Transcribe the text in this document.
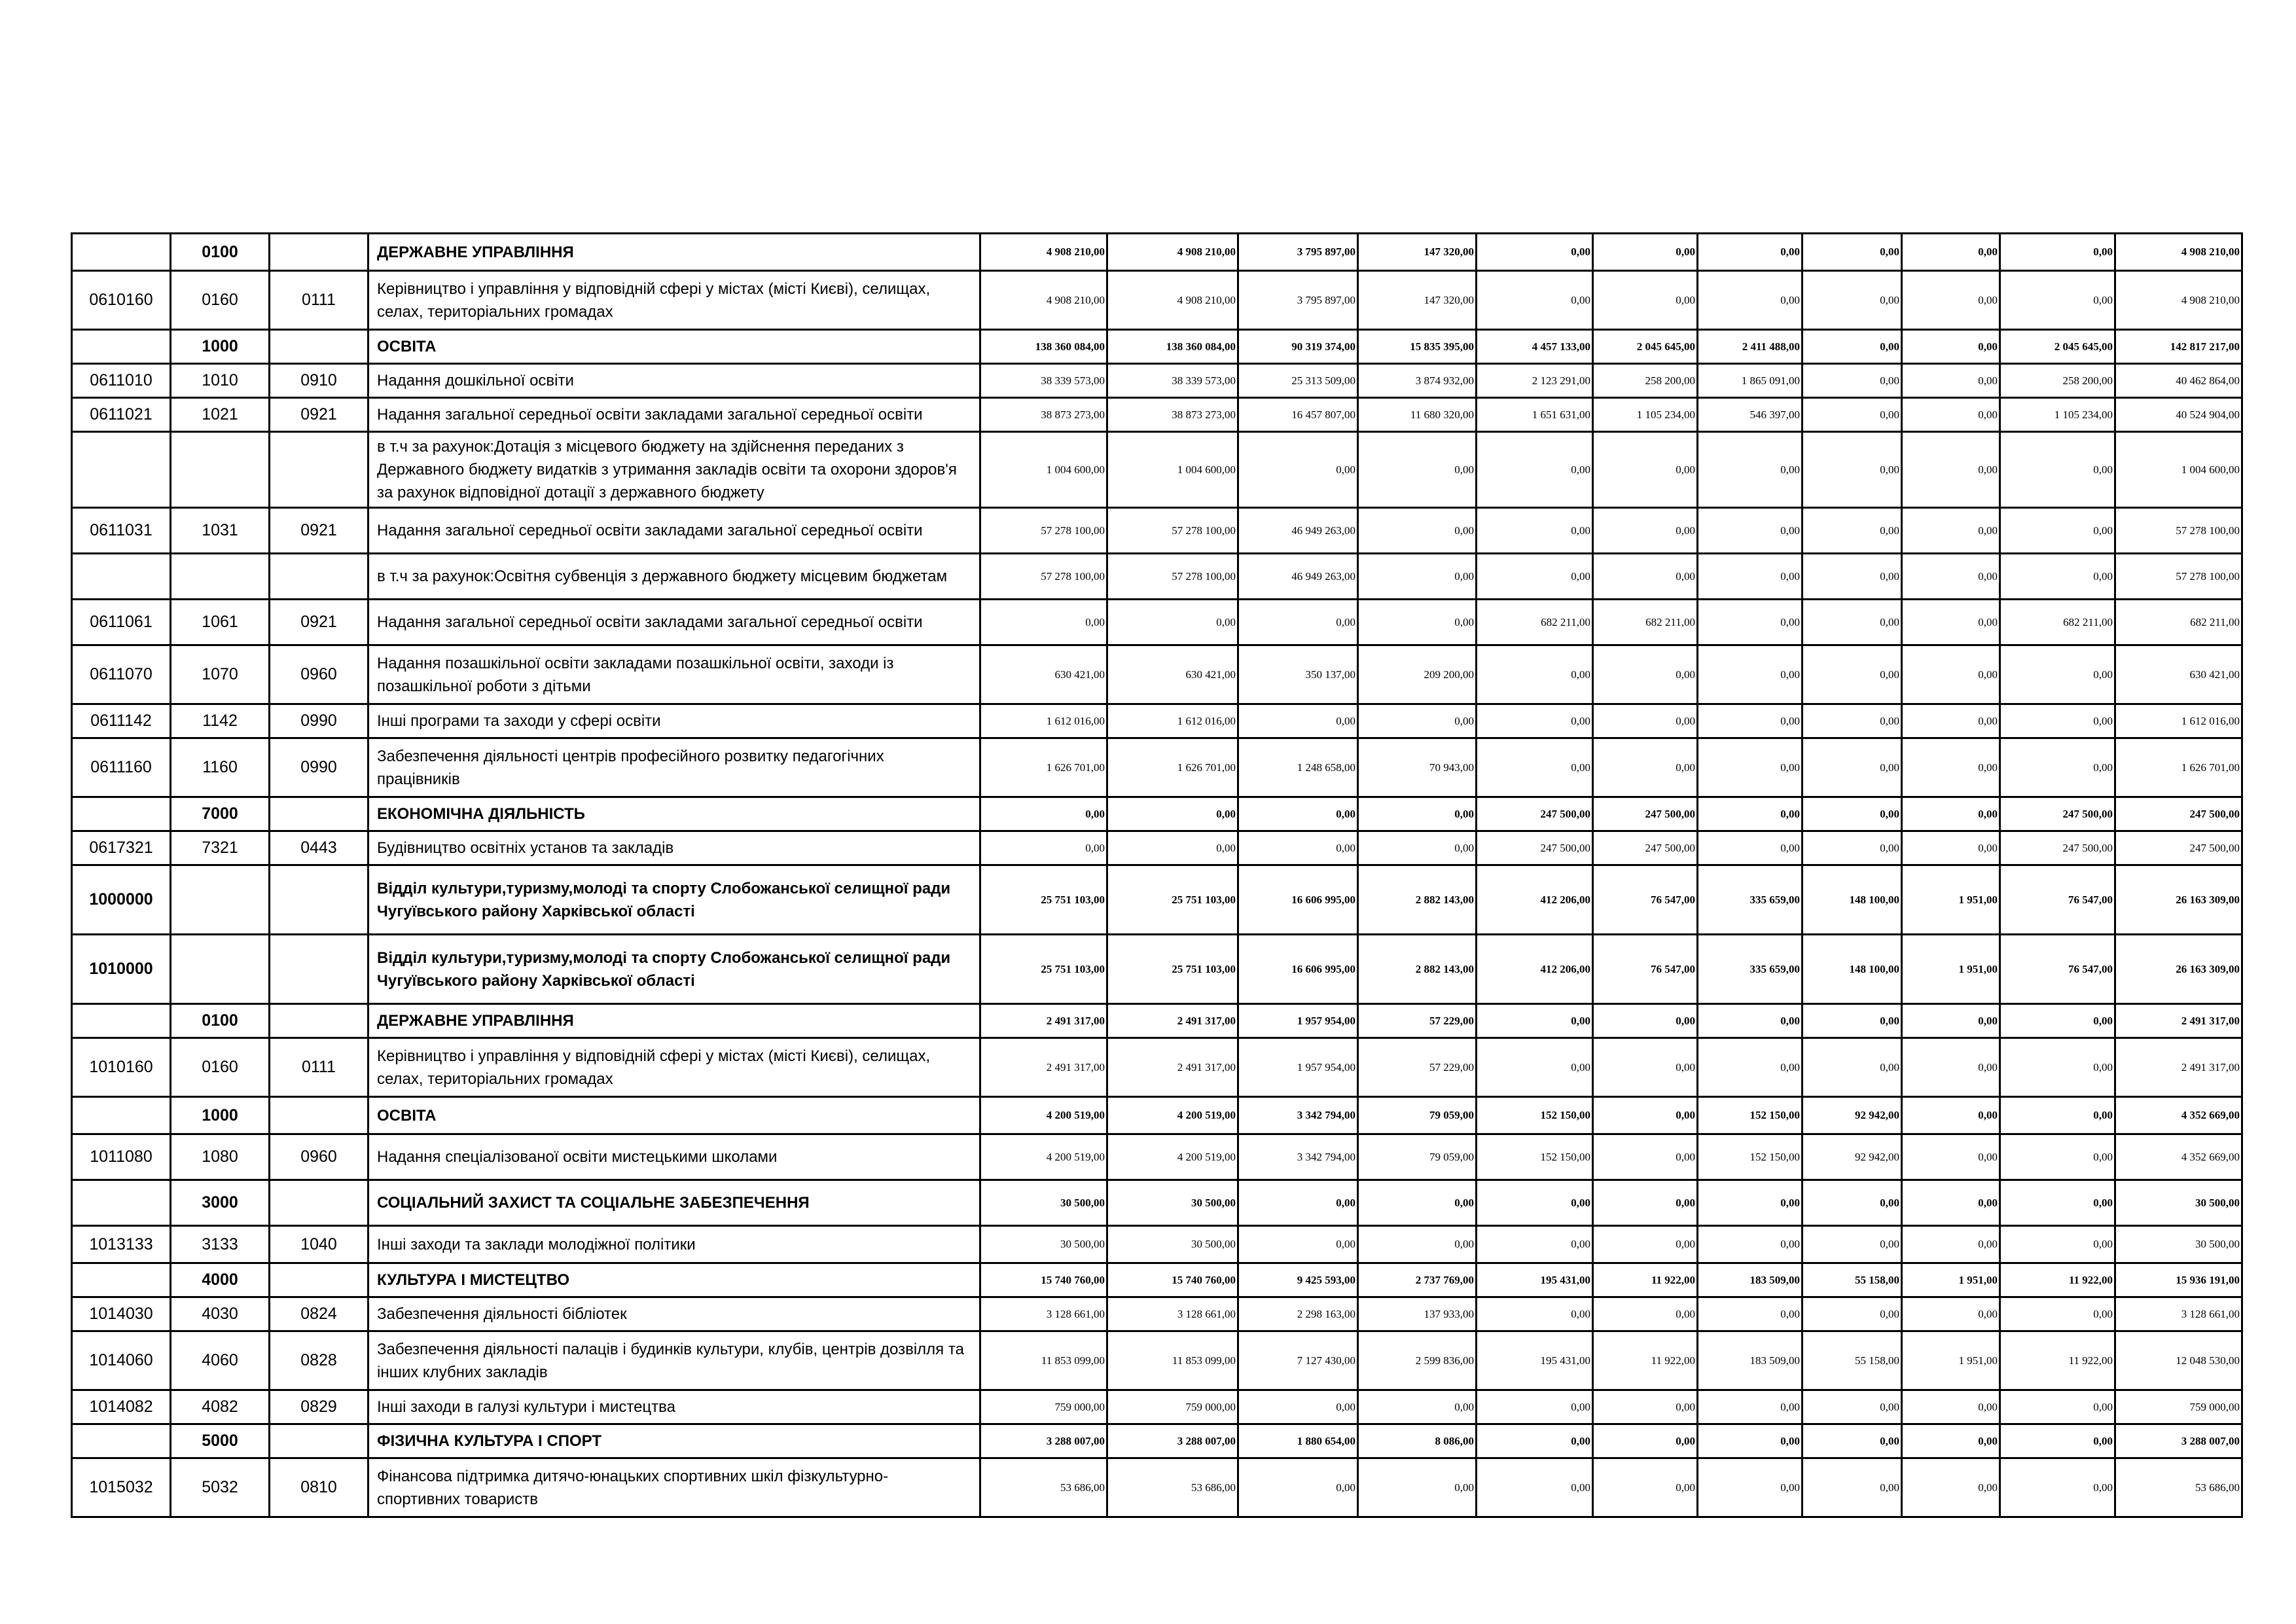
	0100		ДЕРЖАВНЕ УПРАВЛІННЯ	4 908 210,00	4 908 210,00	3 795 897,00	147 320,00	0,00	0,00	0,00	0,00	0,00	0,00	4 908 210,00
0610160	0160	0111	Керівництво і управління у відповідній сфері у містах (місті Києві), селищах, селах, територіальних громадах	4 908 210,00	4 908 210,00	3 795 897,00	147 320,00	0,00	0,00	0,00	0,00	0,00	0,00	4 908 210,00
	1000		ОСВІТА	138 360 084,00	138 360 084,00	90 319 374,00	15 835 395,00	4 457 133,00	2 045 645,00	2 411 488,00	0,00	0,00	2 045 645,00	142 817 217,00
0611010	1010	0910	Надання дошкільної освіти	38 339 573,00	38 339 573,00	25 313 509,00	3 874 932,00	2 123 291,00	258 200,00	1 865 091,00	0,00	0,00	258 200,00	40 462 864,00
0611021	1021	0921	Надання загальної середньої освіти закладами загальної середньої освіти	38 873 273,00	38 873 273,00	16 457 807,00	11 680 320,00	1 651 631,00	1 105 234,00	546 397,00	0,00	0,00	1 105 234,00	40 524 904,00
			в т.ч за рахунок:Дотація з місцевого бюджету на здійснення переданих з Державного бюджету видатків з утримання закладів освіти та охорони здоров'я за рахунок відповідної дотації з державного бюджету	1 004 600,00	1 004 600,00	0,00	0,00	0,00	0,00	0,00	0,00	0,00	0,00	1 004 600,00
0611031	1031	0921	Надання загальної середньої освіти закладами загальної середньої освіти	57 278 100,00	57 278 100,00	46 949 263,00	0,00	0,00	0,00	0,00	0,00	0,00	0,00	57 278 100,00
			в т.ч за рахунок:Освітня субвенція з державного бюджету місцевим бюджетам	57 278 100,00	57 278 100,00	46 949 263,00	0,00	0,00	0,00	0,00	0,00	0,00	0,00	57 278 100,00
0611061	1061	0921	Надання загальної середньої освіти закладами загальної середньої освіти	0,00	0,00	0,00	0,00	682 211,00	682 211,00	0,00	0,00	0,00	682 211,00	682 211,00
0611070	1070	0960	Надання позашкільної освіти закладами позашкільної освіти, заходи із позашкільної роботи з дітьми	630 421,00	630 421,00	350 137,00	209 200,00	0,00	0,00	0,00	0,00	0,00	0,00	630 421,00
0611142	1142	0990	Інші програми та заходи у сфері освіти	1 612 016,00	1 612 016,00	0,00	0,00	0,00	0,00	0,00	0,00	0,00	0,00	1 612 016,00
0611160	1160	0990	Забезпечення діяльності центрів професійного розвитку педагогічних працівників	1 626 701,00	1 626 701,00	1 248 658,00	70 943,00	0,00	0,00	0,00	0,00	0,00	0,00	1 626 701,00
	7000		ЕКОНОМІЧНА ДІЯЛЬНІСТЬ	0,00	0,00	0,00	0,00	247 500,00	247 500,00	0,00	0,00	0,00	247 500,00	247 500,00
0617321	7321	0443	Будівництво освітніх установ та закладів	0,00	0,00	0,00	0,00	247 500,00	247 500,00	0,00	0,00	0,00	247 500,00	247 500,00
1000000			Відділ культури,туризму,молоді та спорту Слобожанської селищної ради Чугуївського району Харківської області	25 751 103,00	25 751 103,00	16 606 995,00	2 882 143,00	412 206,00	76 547,00	335 659,00	148 100,00	1 951,00	76 547,00	26 163 309,00
1010000			Відділ культури,туризму,молоді та спорту Слобожанської селищної ради Чугуївського району Харківської області	25 751 103,00	25 751 103,00	16 606 995,00	2 882 143,00	412 206,00	76 547,00	335 659,00	148 100,00	1 951,00	76 547,00	26 163 309,00
	0100		ДЕРЖАВНЕ УПРАВЛІННЯ	2 491 317,00	2 491 317,00	1 957 954,00	57 229,00	0,00	0,00	0,00	0,00	0,00	0,00	2 491 317,00
1010160	0160	0111	Керівництво і управління у відповідній сфері у містах (місті Києві), селищах, селах, територіальних громадах	2 491 317,00	2 491 317,00	1 957 954,00	57 229,00	0,00	0,00	0,00	0,00	0,00	0,00	2 491 317,00
	1000		ОСВІТА	4 200 519,00	4 200 519,00	3 342 794,00	79 059,00	152 150,00	0,00	152 150,00	92 942,00	0,00	0,00	4 352 669,00
1011080	1080	0960	Надання спеціалізованої освіти мистецькими школами	4 200 519,00	4 200 519,00	3 342 794,00	79 059,00	152 150,00	0,00	152 150,00	92 942,00	0,00	0,00	4 352 669,00
	3000		СОЦІАЛЬНИЙ ЗАХИСТ ТА СОЦІАЛЬНЕ ЗАБЕЗПЕЧЕННЯ	30 500,00	30 500,00	0,00	0,00	0,00	0,00	0,00	0,00	0,00	0,00	30 500,00
1013133	3133	1040	Інші заходи та заклади молодіжної політики	30 500,00	30 500,00	0,00	0,00	0,00	0,00	0,00	0,00	0,00	0,00	30 500,00
	4000		КУЛЬТУРА І МИСТЕЦТВО	15 740 760,00	15 740 760,00	9 425 593,00	2 737 769,00	195 431,00	11 922,00	183 509,00	55 158,00	1 951,00	11 922,00	15 936 191,00
1014030	4030	0824	Забезпечення діяльності бібліотек	3 128 661,00	3 128 661,00	2 298 163,00	137 933,00	0,00	0,00	0,00	0,00	0,00	0,00	3 128 661,00
1014060	4060	0828	Забезпечення діяльності палаців і будинків культури, клубів, центрів дозвілля та інших клубних закладів	11 853 099,00	11 853 099,00	7 127 430,00	2 599 836,00	195 431,00	11 922,00	183 509,00	55 158,00	1 951,00	11 922,00	12 048 530,00
1014082	4082	0829	Інші заходи в галузі культури і мистецтва	759 000,00	759 000,00	0,00	0,00	0,00	0,00	0,00	0,00	0,00	0,00	759 000,00
	5000		ФІЗИЧНА КУЛЬТУРА І СПОРТ	3 288 007,00	3 288 007,00	1 880 654,00	8 086,00	0,00	0,00	0,00	0,00	0,00	0,00	3 288 007,00
1015032	5032	0810	Фінансова підтримка дитячо-юнацьких спортивних шкіл фізкультурно-спортивних товариств	53 686,00	53 686,00	0,00	0,00	0,00	0,00	0,00	0,00	0,00	0,00	53 686,00
